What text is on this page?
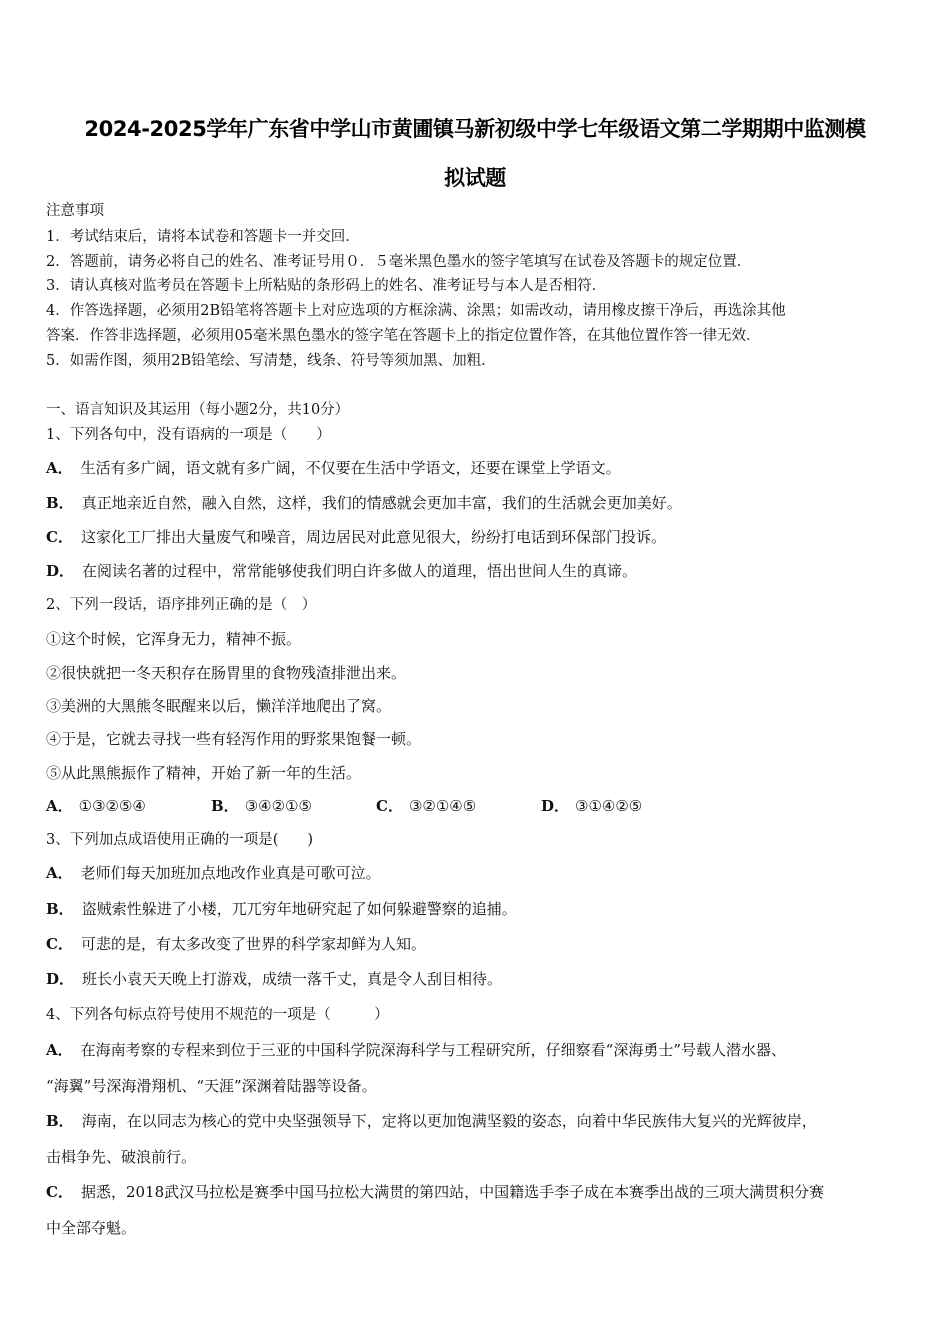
2024-2025学年广东省中学山市黄圃镇马新初级中学七年级语文第二学期期中监测模
拟试题
注意事项
1．考试结束后，请将本试卷和答题卡一并交回．
2．答题前，请务必将自己的姓名、准考证号用０．５毫米黑色墨水的签字笔填写在试卷及答题卡的规定位置．
3．请认真核对监考员在答题卡上所粘贴的条形码上的姓名、准考证号与本人是否相符．
4．作答选择题，必须用2B铅笔将答题卡上对应选项的方框涂满、涂黑；如需改动，请用橡皮擦干净后，再选涂其他
答案．作答非选择题，必须用05毫米黑色墨水的签字笔在答题卡上的指定位置作答，在其他位置作答一律无效．
5．如需作图，须用2B铅笔绘、写清楚，线条、符号等须加黑、加粗．
一、语言知识及其运用（每小题2分，共10分）
1、下列各句中，没有语病的一项是（　　）
A． 生活有多广阔，语文就有多广阔，不仅要在生活中学语文，还要在课堂上学语文。
B． 真正地亲近自然，融入自然，这样，我们的情感就会更加丰富，我们的生活就会更加美好。
C． 这家化工厂排出大量废气和噪音，周边居民对此意见很大，纷纷打电话到环保部门投诉。
D． 在阅读名著的过程中，常常能够使我们明白许多做人的道理，悟出世间人生的真谛。
2、下列一段话，语序排列正确的是（　）
①这个时候，它浑身无力，精神不振。
②很快就把一冬天积存在肠胃里的食物残渣排泄出来。
③美洲的大黑熊冬眠醒来以后，懒洋洋地爬出了窝。
④于是，它就去寻找一些有轻泻作用的野浆果饱餐一顿。
⑤从此黑熊振作了精神，开始了新一年的生活。
A． ①③②⑤④	B． ③④②①⑤	C． ③②①④⑤	D． ③①④②⑤
3、下列加点成语使用正确的一项是(　　)
A． 老师们每天加班加点地改作业真是可歌可泣。
B． 盗贼索性躲进了小楼，兀兀穷年地研究起了如何躲避警察的追捕。
C． 可悲的是，有太多改变了世界的科学家却鲜为人知。
D． 班长小袁天天晚上打游戏，成绩一落千丈，真是令人刮目相待。
4、下列各句标点符号使用不规范的一项是（　　　）
A． 在海南考察的专程来到位于三亚的中国科学院深海科学与工程研究所，仔细察看“深海勇士”号载人潜水器、
“海翼”号深海滑翔机、“天涯”深渊着陆器等设备。
B． 海南，在以同志为核心的党中央坚强领导下，定将以更加饱满坚毅的姿态，向着中华民族伟大复兴的光辉彼岸，
击楫争先、破浪前行。
C． 据悉，2018武汉马拉松是赛季中国马拉松大满贯的第四站，中国籍选手李子成在本赛季出战的三项大满贯积分赛
中全部夺魁。
